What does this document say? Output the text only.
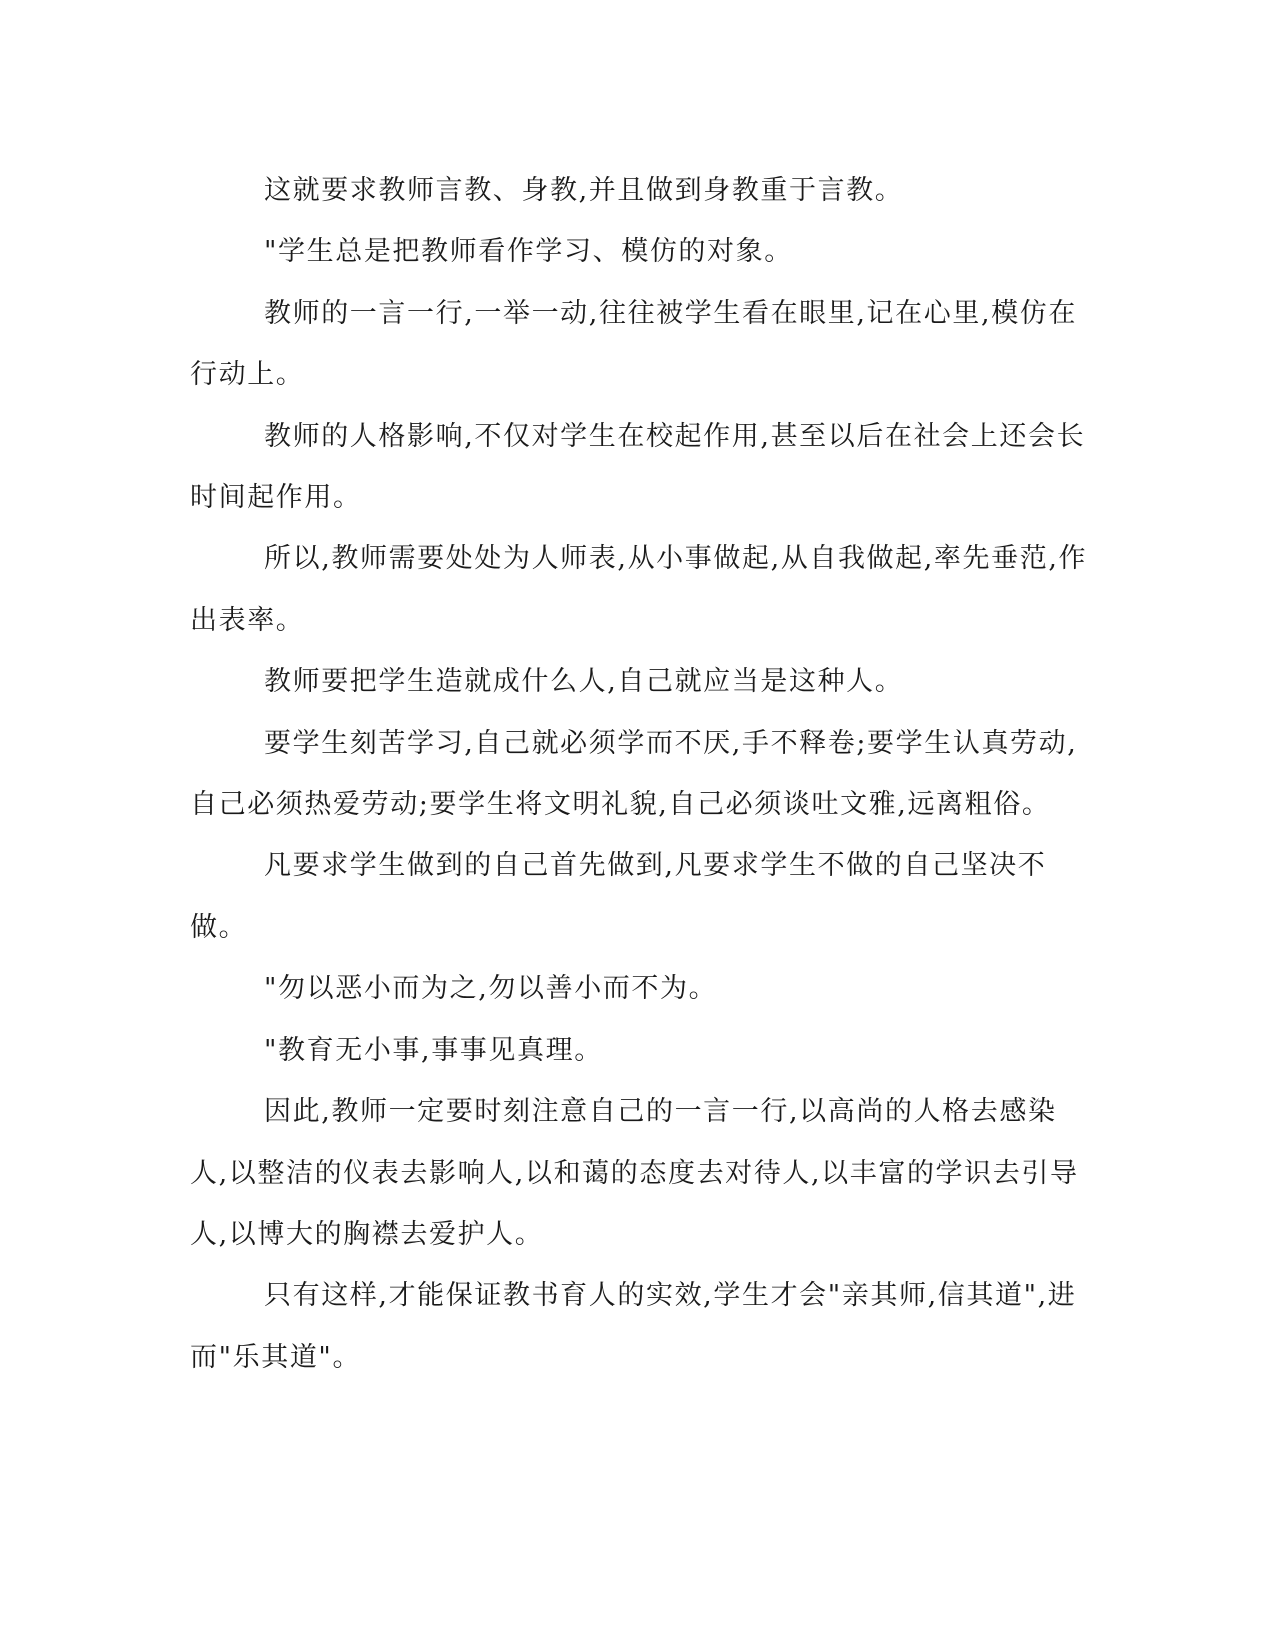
这就要求教师言教、身教,并且做到身教重于言教。

"学生总是把教师看作学习、模仿的对象。

教师的一言一行,一举一动,往往被学生看在眼里,记在心里,模仿在行动上。

教师的人格影响,不仅对学生在校起作用,甚至以后在社会上还会长时间起作用。

所以,教师需要处处为人师表,从小事做起,从自我做起,率先垂范,作出表率。

教师要把学生造就成什么人,自己就应当是这种人。

要学生刻苦学习,自己就必须学而不厌,手不释卷;要学生认真劳动,自己必须热爱劳动;要学生将文明礼貌,自己必须谈吐文雅,远离粗俗。

凡要求学生做到的自己首先做到,凡要求学生不做的自己坚决不做。

"勿以恶小而为之,勿以善小而不为。

"教育无小事,事事见真理。

因此,教师一定要时刻注意自己的一言一行,以高尚的人格去感染人,以整洁的仪表去影响人,以和蔼的态度去对待人,以丰富的学识去引导人,以博大的胸襟去爱护人。

只有这样,才能保证教书育人的实效,学生才会"亲其师,信其道",进而"乐其道"。
